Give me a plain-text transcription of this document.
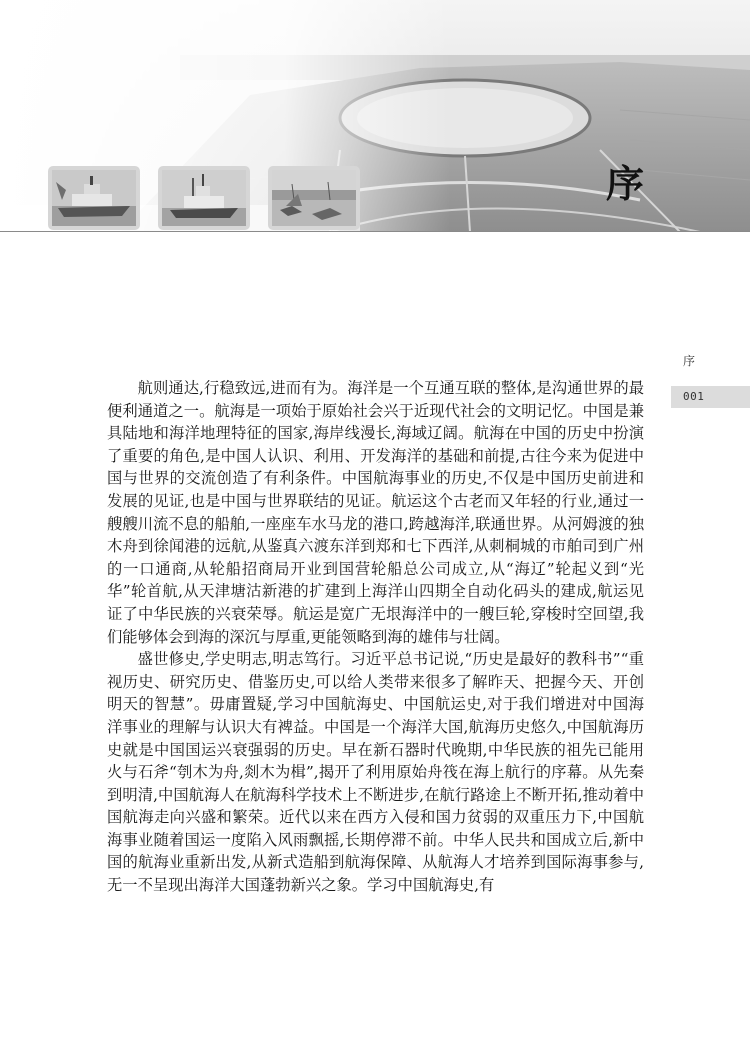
序
序
001

航则通达,行稳致远,进而有为。海洋是一个互通互联的整体,是沟通世界的最便利通道之一。航海是一项始于原始社会兴于近现代社会的文明记忆。中国是兼具陆地和海洋地理特征的国家,海岸线漫长,海域辽阔。航海在中国的历史中扮演了重要的角色,是中国人认识、利用、开发海洋的基础和前提,古往今来为促进中国与世界的交流创造了有利条件。中国航海事业的历史,不仅是中国历史前进和发展的见证,也是中国与世界联结的见证。航运这个古老而又年轻的行业,通过一艘艘川流不息的船舶,一座座车水马龙的港口,跨越海洋,联通世界。从河姆渡的独木舟到徐闻港的远航,从鉴真六渡东洋到郑和七下西洋,从刺桐城的市舶司到广州的一口通商,从轮船招商局开业到国营轮船总公司成立,从“海辽”轮起义到“光华”轮首航,从天津塘沽新港的扩建到上海洋山四期全自动化码头的建成,航运见证了中华民族的兴衰荣辱。航运是宽广无垠海洋中的一艘巨轮,穿梭时空回望,我们能够体会到海的深沉与厚重,更能领略到海的雄伟与壮阔。

盛世修史,学史明志,明志笃行。习近平总书记说,“历史是最好的教科书”“重视历史、研究历史、借鉴历史,可以给人类带来很多了解昨天、把握今天、开创明天的智慧”。毋庸置疑,学习中国航海史、中国航运史,对于我们增进对中国海洋事业的理解与认识大有裨益。中国是一个海洋大国,航海历史悠久,中国航海历史就是中国国运兴衰强弱的历史。早在新石器时代晚期,中华民族的祖先已能用火与石斧“刳木为舟,剡木为楫”,揭开了利用原始舟筏在海上航行的序幕。从先秦到明清,中国航海人在航海科学技术上不断进步,在航行路途上不断开拓,推动着中国航海走向兴盛和繁荣。近代以来在西方入侵和国力贫弱的双重压力下,中国航海事业随着国运一度陷入风雨飘摇,长期停滞不前。中华人民共和国成立后,新中国的航海业重新出发,从新式造船到航海保障、从航海人才培养到国际海事参与,无一不呈现出海洋大国蓬勃新兴之象。学习中国航海史,有
